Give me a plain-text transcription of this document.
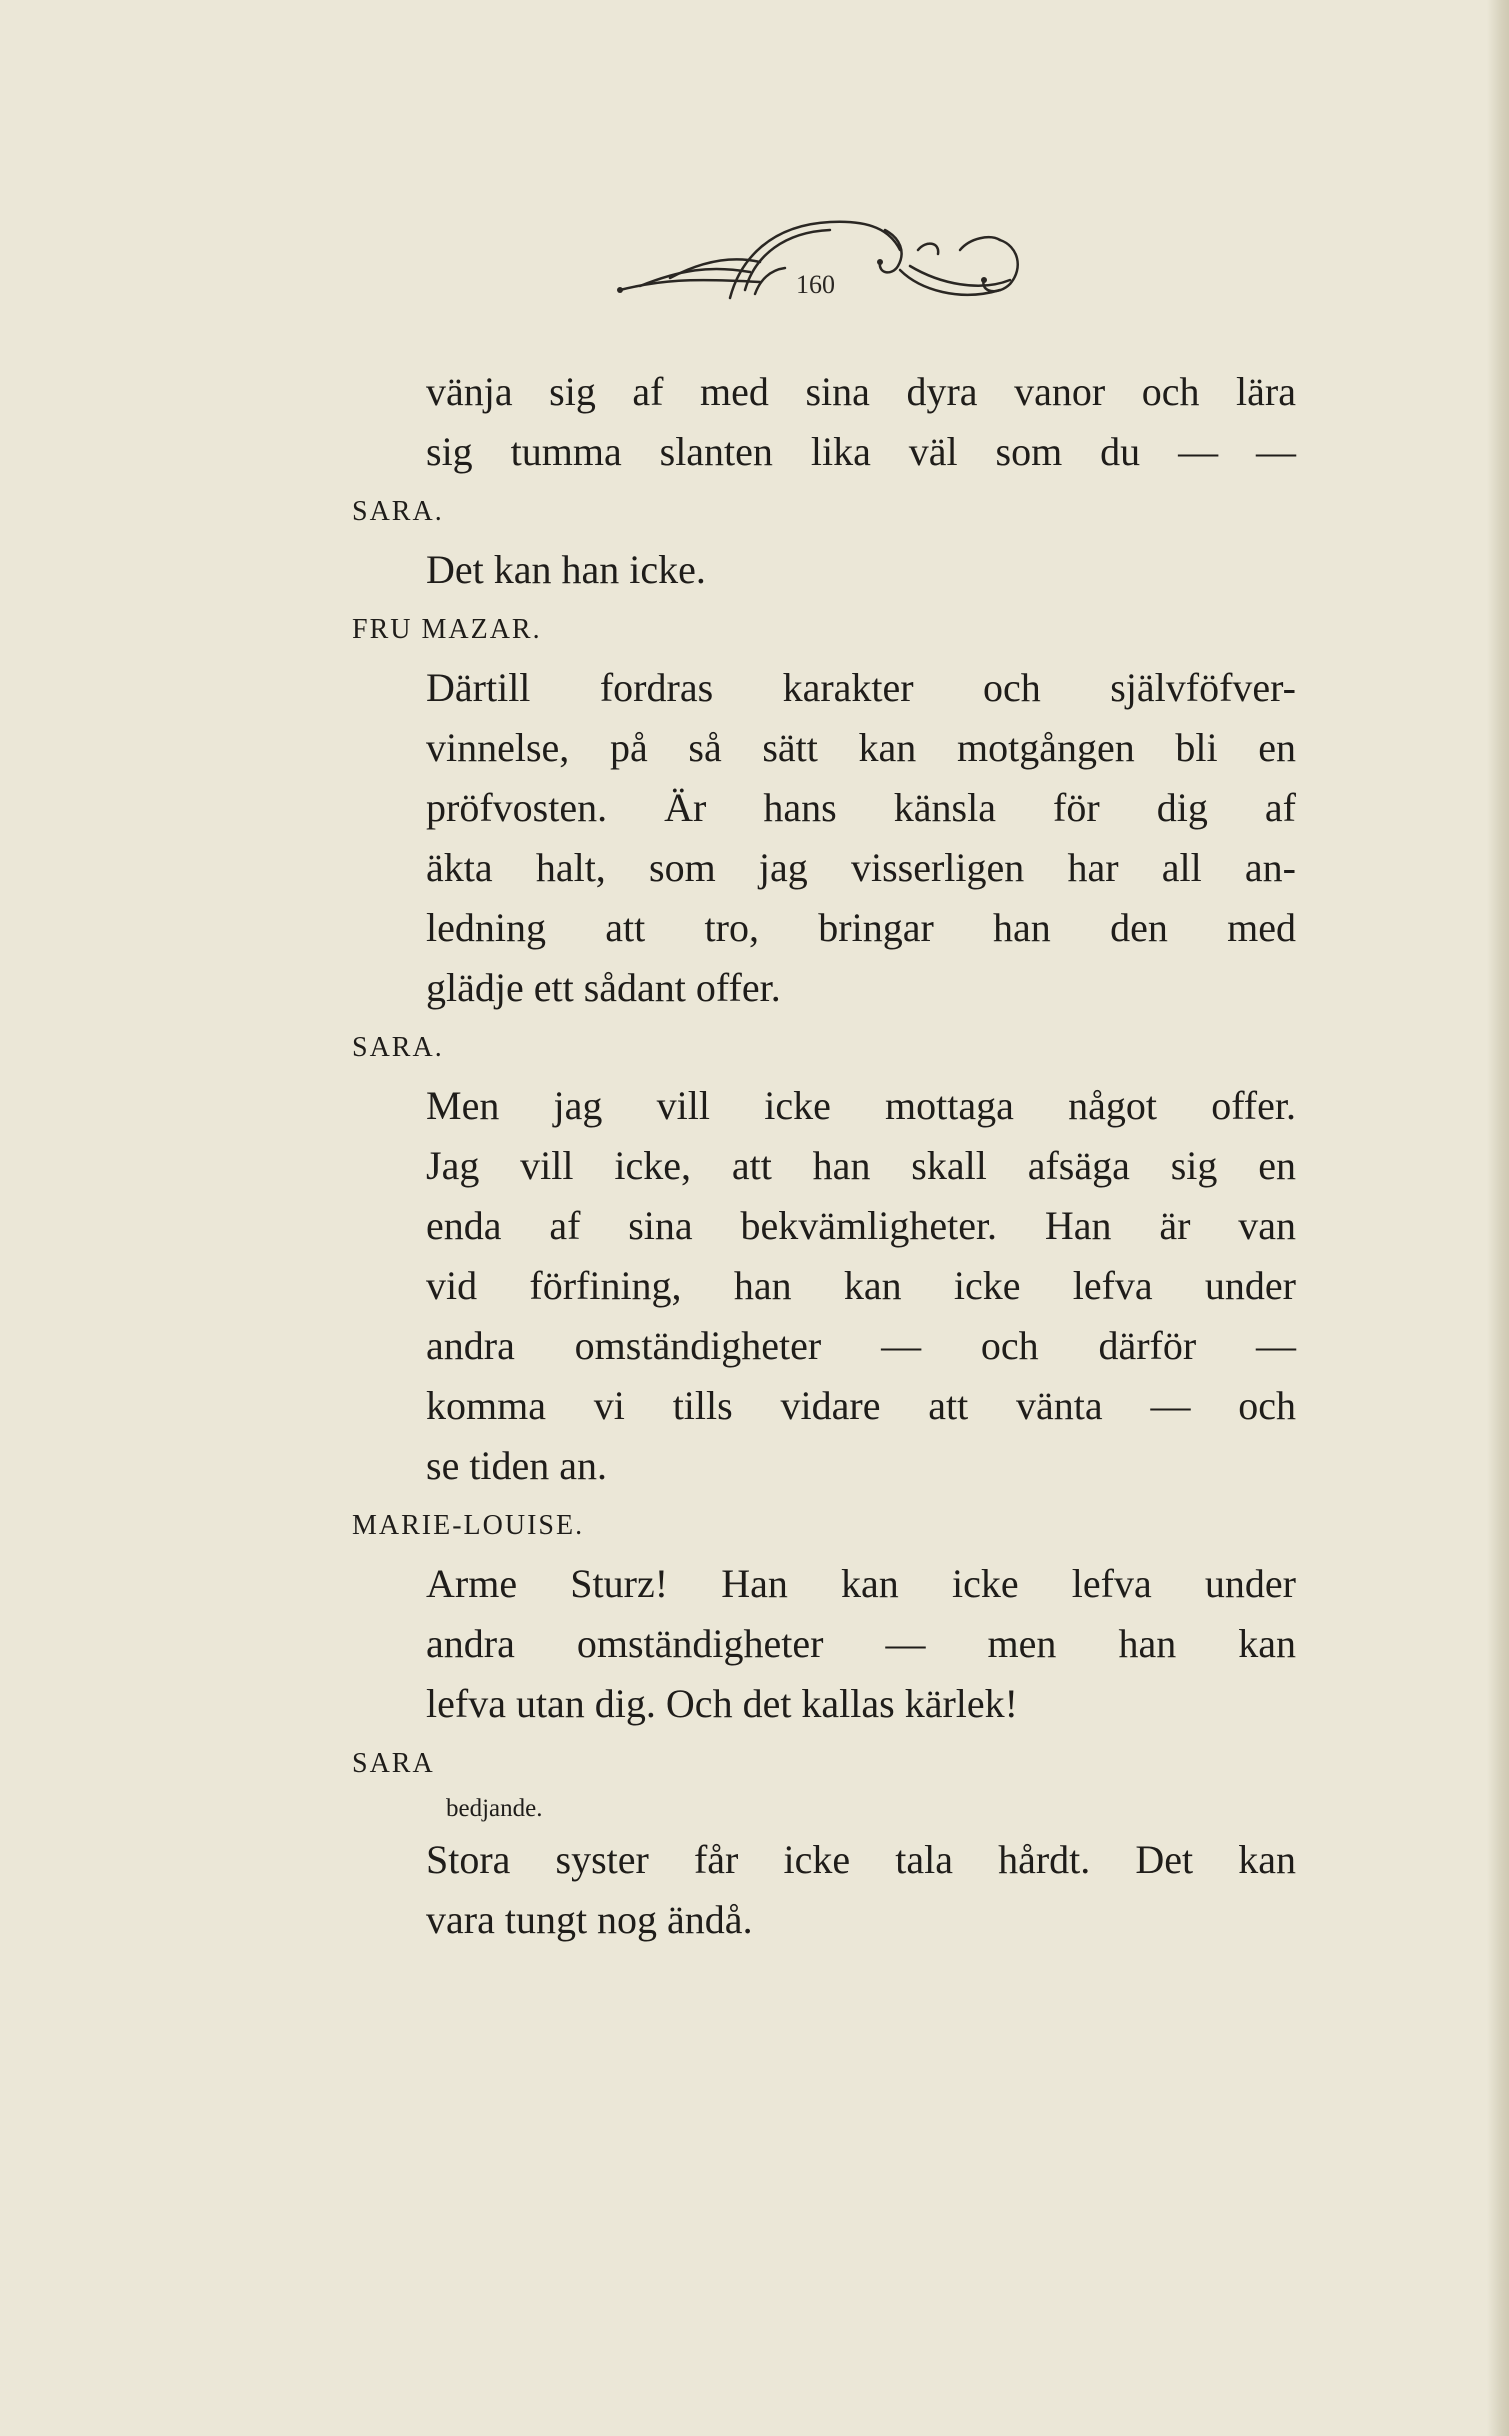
160
vänja sig af med sina dyra vanor och lära
sig tumma slanten lika väl som du — —
SARA.
Det kan han icke.
FRU MAZAR.
Därtill fordras karakter och självföfver-
vinnelse, på så sätt kan motgången bli en
pröfvosten. Är hans känsla för dig af
äkta halt, som jag visserligen har all an-
ledning att tro, bringar han den med
glädje ett sådant offer.
SARA.
Men jag vill icke mottaga något offer.
Jag vill icke, att han skall afsäga sig en
enda af sina bekvämligheter. Han är van
vid förfining, han kan icke lefva under
andra omständigheter — och därför —
komma vi tills vidare att vänta — och
se tiden an.
MARIE-LOUISE.
Arme Sturz! Han kan icke lefva under
andra omständigheter — men han kan
lefva utan dig. Och det kallas kärlek!
SARA
bedjande.
Stora syster får icke tala hårdt. Det kan
vara tungt nog ändå.
